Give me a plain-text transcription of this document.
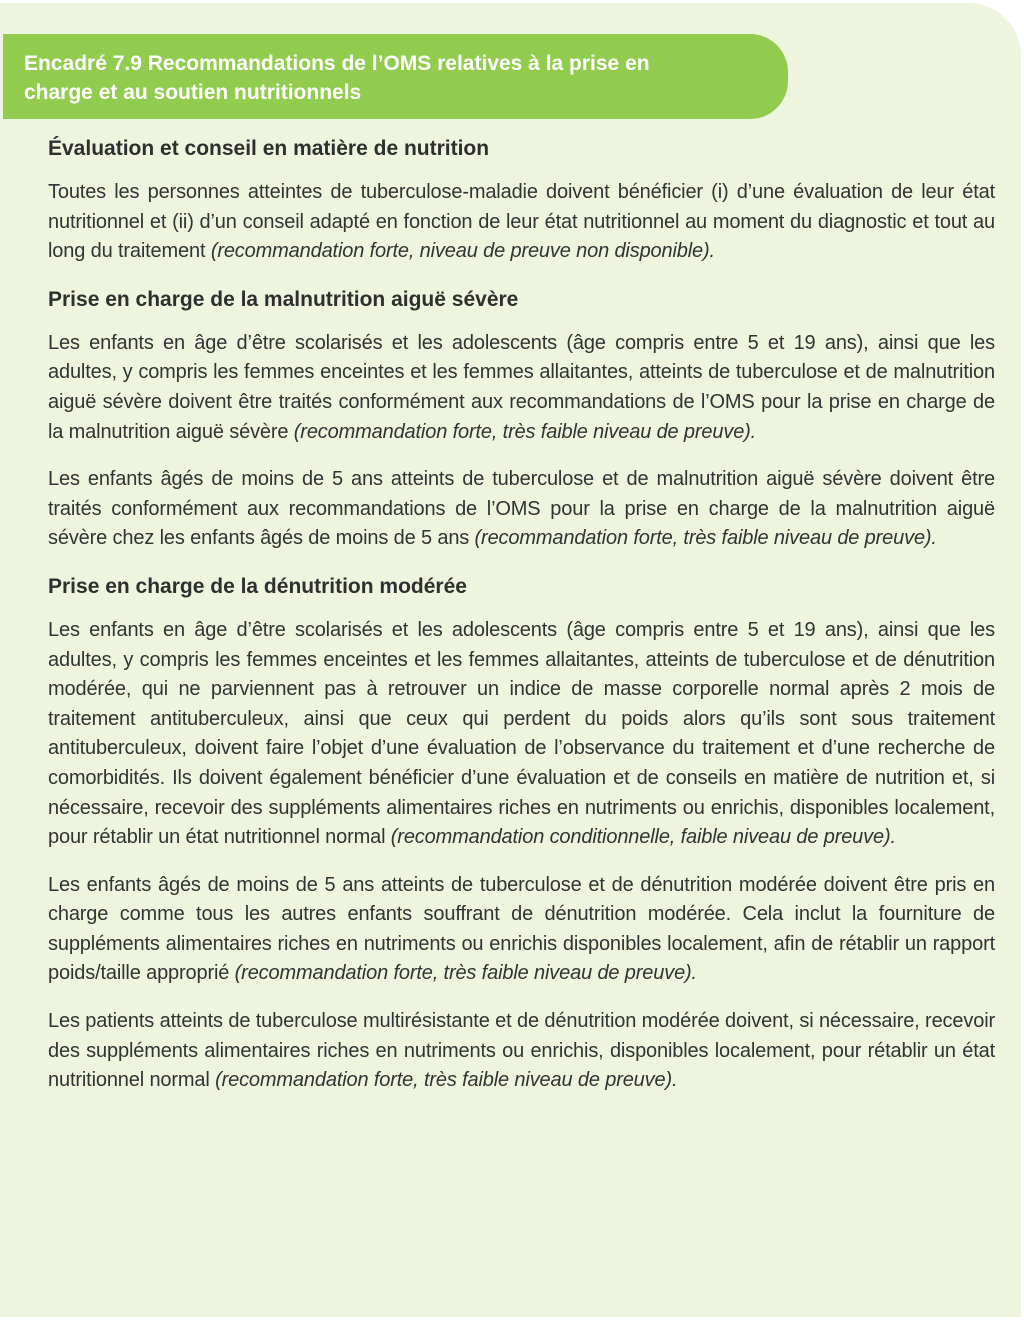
Encadré 7.9 Recommandations de l’OMS relatives à la prise en
charge et au soutien nutritionnels
Évaluation et conseil en matière de nutrition

Toutes les personnes atteintes de tuberculose-maladie doivent bénéficier (i) d’une évaluation de leur état nutritionnel et (ii) d’un conseil adapté en fonction de leur état nutritionnel au moment du diagnostic et tout au long du traitement (recommandation forte, niveau de preuve non disponible).

Prise en charge de la malnutrition aiguë sévère

Les enfants en âge d’être scolarisés et les adolescents (âge compris entre 5 et 19 ans), ainsi que les adultes, y compris les femmes enceintes et les femmes allaitantes, atteints de tuberculose et de malnutrition aiguë sévère doivent être traités conformément aux recommandations de l’OMS pour la prise en charge de la malnutrition aiguë sévère (recommandation forte, très faible niveau de preuve).

Les enfants âgés de moins de 5 ans atteints de tuberculose et de malnutrition aiguë sévère doivent être traités conformément aux recommandations de l’OMS pour la prise en charge de la malnutrition aiguë sévère chez les enfants âgés de moins de 5 ans (recommandation forte, très faible niveau de preuve).

Prise en charge de la dénutrition modérée

Les enfants en âge d’être scolarisés et les adolescents (âge compris entre 5 et 19 ans), ainsi que les adultes, y compris les femmes enceintes et les femmes allaitantes, atteints de tuberculose et de dénutrition modérée, qui ne parviennent pas à retrouver un indice de masse corporelle normal après 2 mois de traitement antituberculeux, ainsi que ceux qui perdent du poids alors qu’ils sont sous traitement antituberculeux, doivent faire l’objet d’une évaluation de l’observance du traitement et d’une recherche de comorbidités. Ils doivent également bénéficier d’une évaluation et de conseils en matière de nutrition et, si nécessaire, recevoir des suppléments alimentaires riches en nutriments ou enrichis, disponibles localement, pour rétablir un état nutritionnel normal (recommandation conditionnelle, faible niveau de preuve).

Les enfants âgés de moins de 5 ans atteints de tuberculose et de dénutrition modérée doivent être pris en charge comme tous les autres enfants souffrant de dénutrition modérée. Cela inclut la fourniture de suppléments alimentaires riches en nutriments ou enrichis disponibles localement, afin de rétablir un rapport poids/taille approprié (recommandation forte, très faible niveau de preuve).

Les patients atteints de tuberculose multirésistante et de dénutrition modérée doivent, si nécessaire, recevoir des suppléments alimentaires riches en nutriments ou enrichis, disponibles localement, pour rétablir un état nutritionnel normal (recommandation forte, très faible niveau de preuve).
